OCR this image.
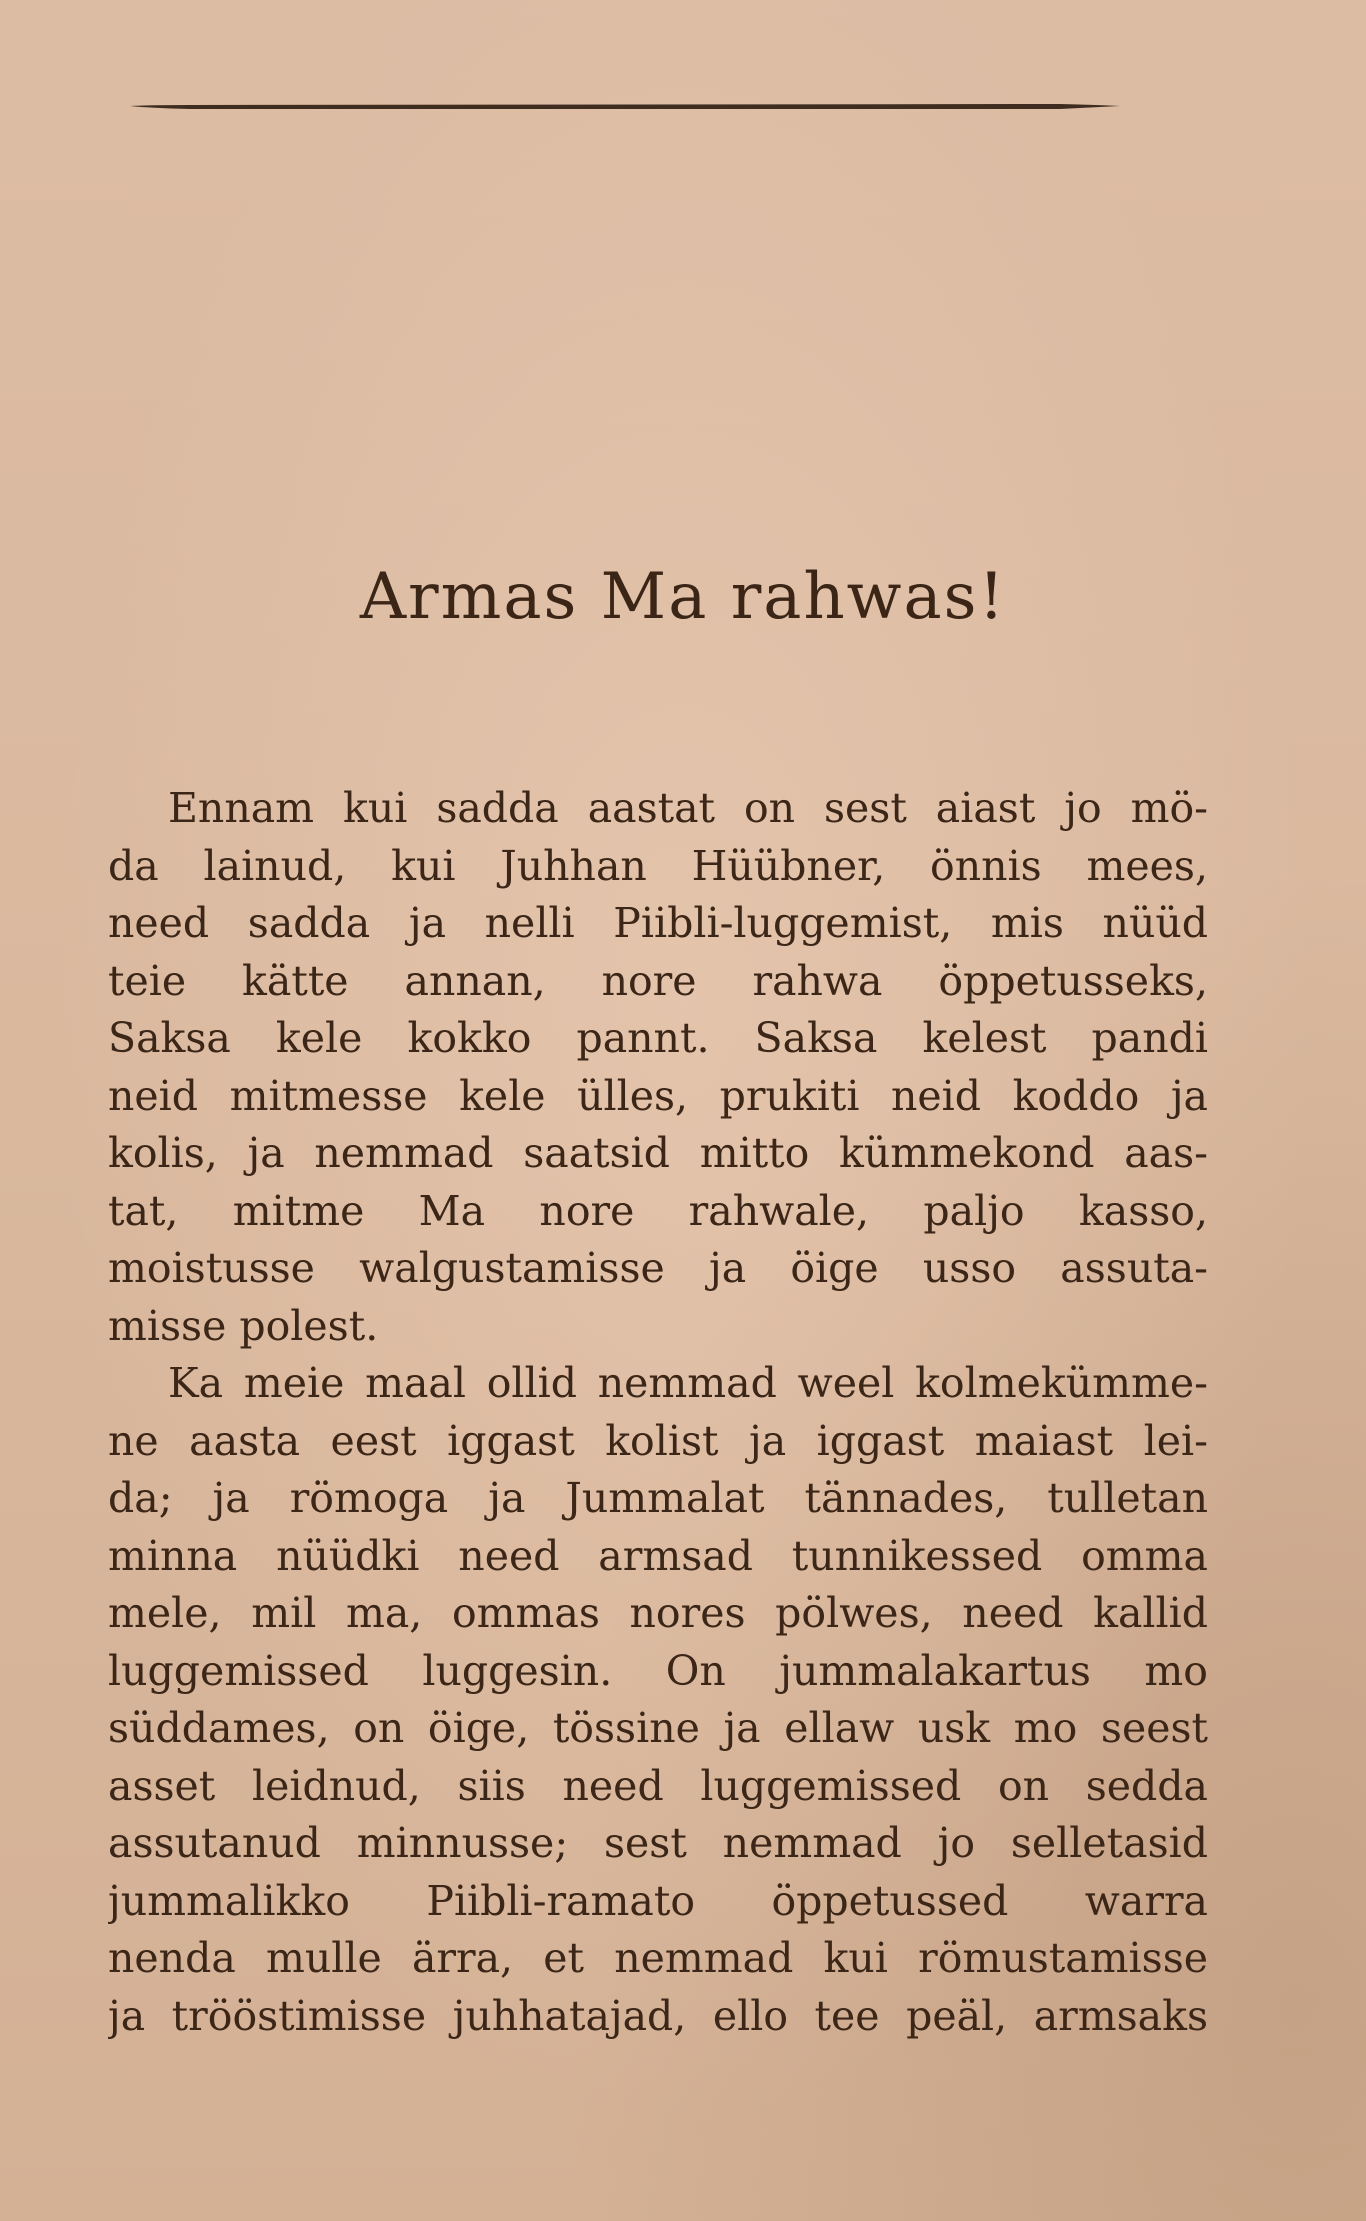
Armas Ma rahwas!
Ennam kui sadda aastat on sest aiast jo mö-
da lainud, kui Juhhan Hüübner, önnis mees,
need sadda ja nelli Piibli-luggemist, mis nüüd
teie kätte annan, nore rahwa öppetusseks,
Saksa kele kokko pannt. Saksa kelest pandi
neid mitmesse kele ülles, prukiti neid koddo ja
kolis, ja nemmad saatsid mitto kümmekond aas-
tat, mitme Ma nore rahwale, paljo kasso,
moistusse walgustamisse ja öige usso assuta-
misse polest.
Ka meie maal ollid nemmad weel kolmekümme-
ne aasta eest iggast kolist ja iggast maiast lei-
da; ja römoga ja Jummalat tännades, tulletan
minna nüüdki need armsad tunnikessed omma
mele, mil ma, ommas nores pölwes, need kallid
luggemissed luggesin. On jummalakartus mo
süddames, on öige, tössine ja ellaw usk mo seest
asset leidnud, siis need luggemissed on sedda
assutanud minnusse; sest nemmad jo selletasid
jummalikko Piibli-ramato öppetussed warra
nenda mulle ärra, et nemmad kui römustamisse
ja trööstimisse juhhatajad, ello tee peäl, armsaks
